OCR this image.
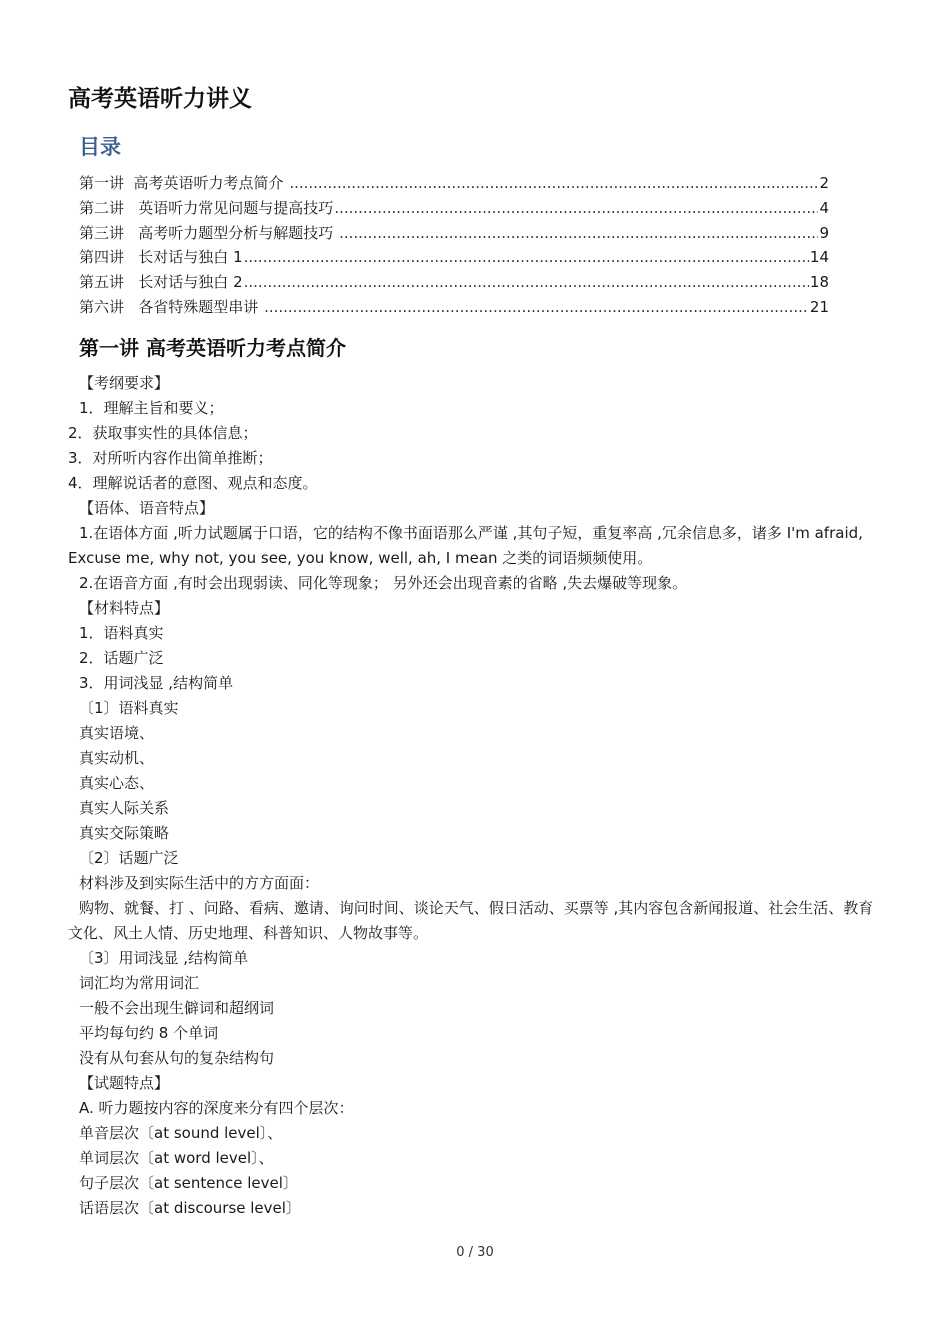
高考英语听力讲义
目录
第一讲  高考英语听力考点简介 .....	2
第二讲   英语听力常见问题与提高技巧 .....	4
第三讲   高考听力题型分析与解题技巧 .....	9
第四讲   长对话与独白 1 .....	14
第五讲   长对话与独白 2 .....	18
第六讲   各省特殊题型串讲 .....	21
第一讲 高考英语听力考点简介
【考纲要求】
1．理解主旨和要义；
2．获取事实性的具体信息；
3．对所听内容作出简单推断；
4．理解说话者的意图、观点和态度。
【语体、语音特点】
1.在语体方面 ,听力试题属于口语，它的结构不像书面语那么严谨 ,其句子短，重复率高 ,冗余信息多，诸多 I'm afraid, Excuse me, why not, you see, you know, well, ah, I mean 之类的词语频频使用。
2.在语音方面 ,有时会出现弱读、同化等现象； 另外还会出现音素的省略 ,失去爆破等现象。
【材料特点】
1．语料真实
2．话题广泛
3．用词浅显 ,结构简单
〔1〕语料真实
真实语境、
真实动机、
真实心态、
真实人际关系
真实交际策略
〔2〕话题广泛
材料涉及到实际生活中的方方面面：
购物、就餐、打 、问路、看病、邀请、询问时间、谈论天气、假日活动、买票等 ,其内容包含新闻报道、社会生活、教育文化、风土人情、历史地理、科普知识、人物故事等。
〔3〕用词浅显 ,结构简单
词汇均为常用词汇
一般不会出现生僻词和超纲词
平均每句约 8 个单词
没有从句套从句的复杂结构句
【试题特点】
A. 听力题按内容的深度来分有四个层次：
单音层次〔at sound level〕、
单词层次〔at word level〕、
句子层次〔at sentence level〕
话语层次〔at discourse level〕
0 / 30
